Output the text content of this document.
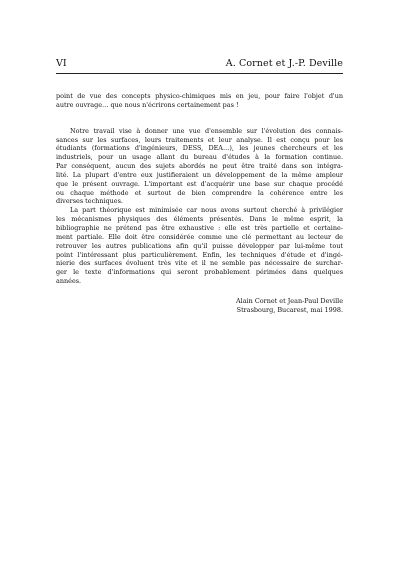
VI	A. Cornet et J.-P. Deville
point de vue des concepts physico-chimiques mis en jeu, pour faire l'objet d'un
autre ouvrage… que nous n'écrirons certainement pas !
Notre travail vise à donner une vue d'ensemble sur l'évolution des connais-
sances sur les surfaces, leurs traitements et leur analyse. Il est conçu pour les
étudiants (formations d'ingénieurs, DESS, DEA…), les jeunes chercheurs et les
industriels, pour un usage allant du bureau d'études à la formation continue.
Par conséquent, aucun des sujets abordés ne peut être traité dans son intégra-
lité. La plupart d'entre eux justifieraient un développement de la même ampleur
que le présent ouvrage. L'important est d'acquérir une base sur chaque procédé
ou chaque méthode et surtout de bien comprendre la cohérence entre les
diverses techniques.
La part théorique est minimisée car nous avons surtout cherché à privilégier
les mécanismes physiques des éléments présentés. Dans le même esprit, la
bibliographie ne prétend pas être exhaustive : elle est très partielle et certaine-
ment partiale. Elle doit être considérée comme une clé permettant au lecteur de
retrouver les autres publications afin qu'il puisse développer par lui-même tout
point l'intéressant plus particulièrement. Enfin, les techniques d'étude et d'ingé-
nierie des surfaces évoluent très vite et il ne semble pas nécessaire de surchar-
ger le texte d'informations qui seront probablement périmées dans quelques
années.
Alain Cornet et Jean-Paul Deville
Strasbourg, Bucarest, mai 1998.
